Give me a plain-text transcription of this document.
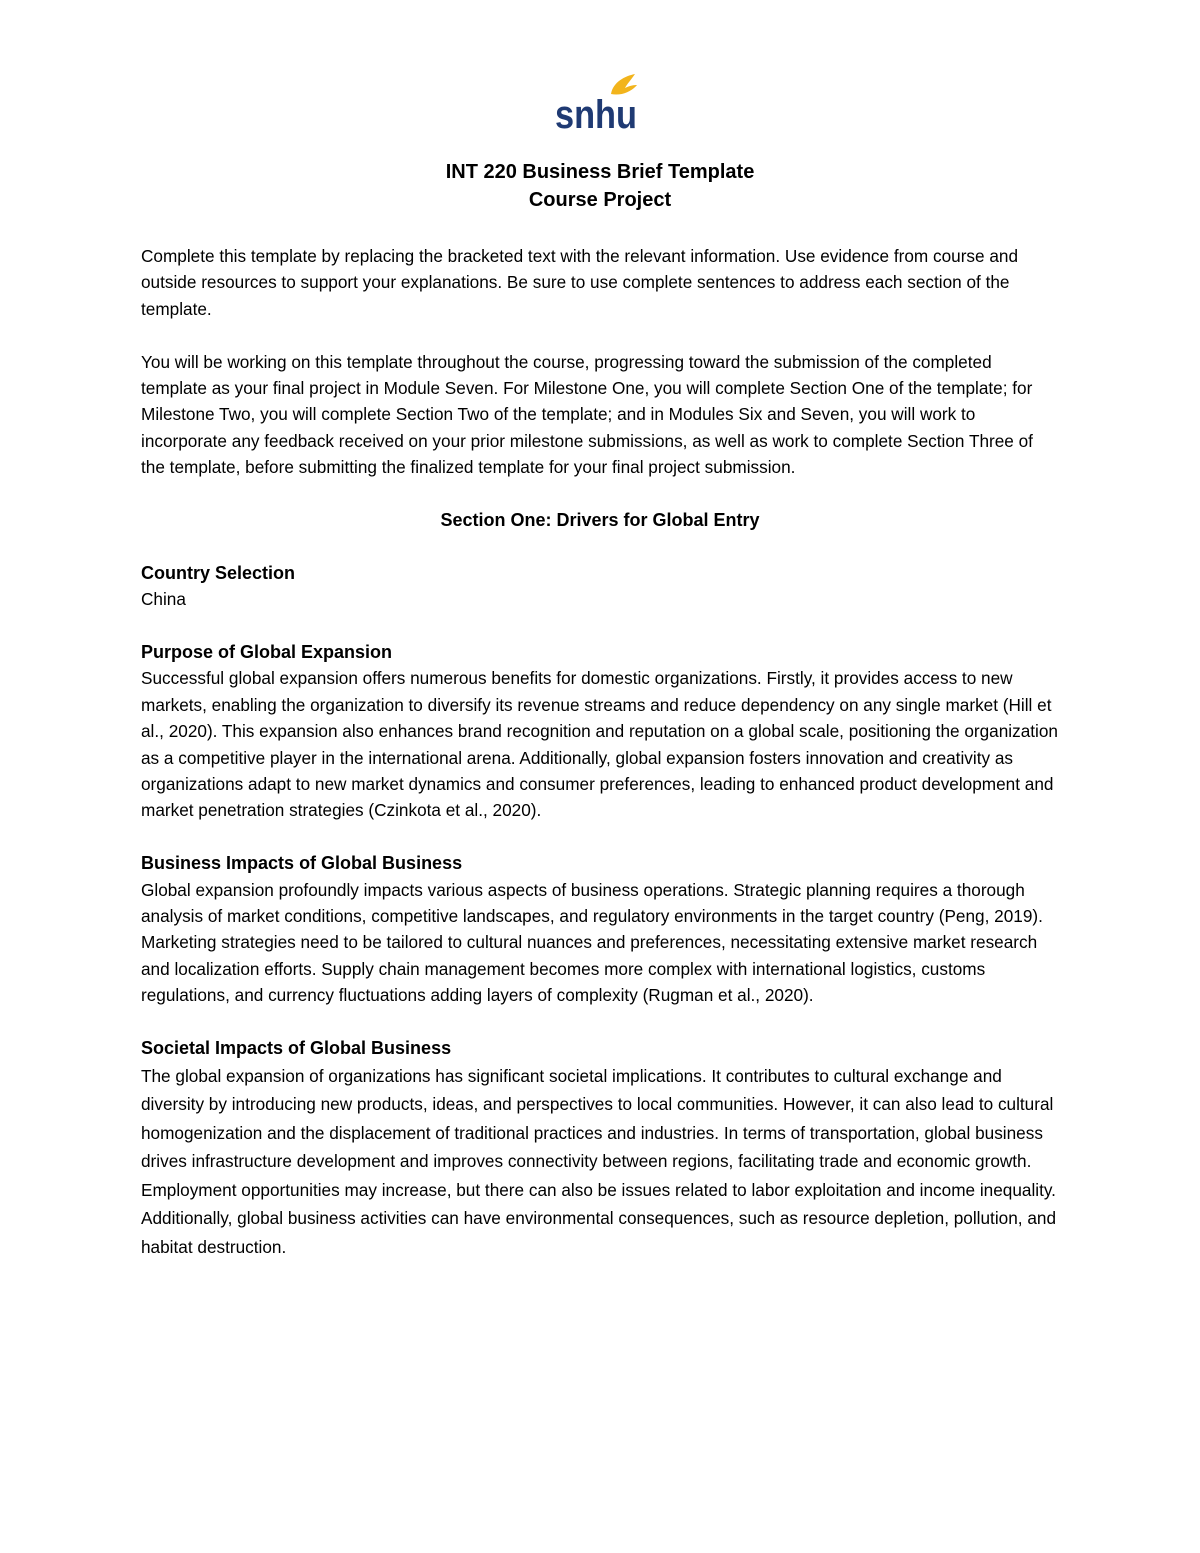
snhu
INT 220 Business Brief Template
Course Project

Complete this template by replacing the bracketed text with the relevant information. Use evidence from course and outside resources to support your explanations. Be sure to use complete sentences to address each section of the template.

You will be working on this template throughout the course, progressing toward the submission of the completed template as your final project in Module Seven. For Milestone One, you will complete Section One of the template; for Milestone Two, you will complete Section Two of the template; and in Modules Six and Seven, you will work to incorporate any feedback received on your prior milestone submissions, as well as work to complete Section Three of the template, before submitting the finalized template for your final project submission.

Section One: Drivers for Global Entry

Country Selection

China

Purpose of Global Expansion

Successful global expansion offers numerous benefits for domestic organizations. Firstly, it provides access to new markets, enabling the organization to diversify its revenue streams and reduce dependency on any single market (Hill et al., 2020). This expansion also enhances brand recognition and reputation on a global scale, positioning the organization as a competitive player in the international arena. Additionally, global expansion fosters innovation and creativity as organizations adapt to new market dynamics and consumer preferences, leading to enhanced product development and market penetration strategies (Czinkota et al., 2020).

Business Impacts of Global Business

Global expansion profoundly impacts various aspects of business operations. Strategic planning requires a thorough analysis of market conditions, competitive landscapes, and regulatory environments in the target country (Peng, 2019). Marketing strategies need to be tailored to cultural nuances and preferences, necessitating extensive market research and localization efforts. Supply chain management becomes more complex with international logistics, customs regulations, and currency fluctuations adding layers of complexity (Rugman et al., 2020).

Societal Impacts of Global Business

The global expansion of organizations has significant societal implications. It contributes to cultural exchange and diversity by introducing new products, ideas, and perspectives to local communities. However, it can also lead to cultural homogenization and the displacement of traditional practices and industries. In terms of transportation, global business drives infrastructure development and improves connectivity between regions, facilitating trade and economic growth. Employment opportunities may increase, but there can also be issues related to labor exploitation and income inequality. Additionally, global business activities can have environmental consequences, such as resource depletion, pollution, and habitat destruction.
